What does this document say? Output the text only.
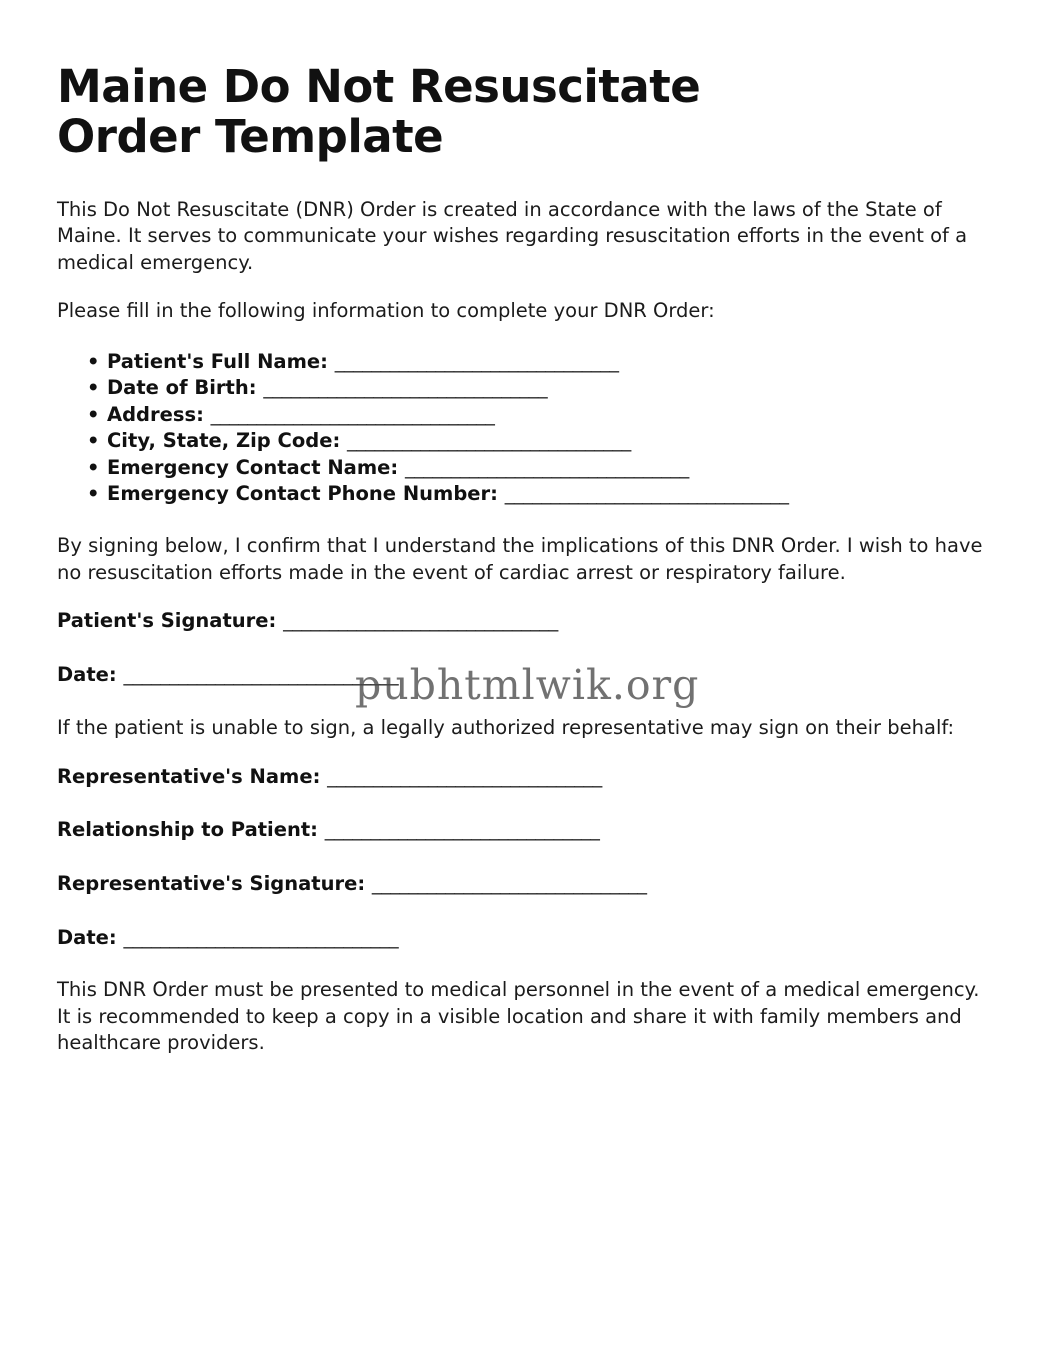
Maine Do Not Resuscitate Order Template

This Do Not Resuscitate (DNR) Order is created in accordance with the laws of the State of Maine. It serves to communicate your wishes regarding resuscitation efforts in the event of a medical emergency.

Please fill in the following information to complete your DNR Order:

• Patient's Full Name: _______________________________
• Date of Birth: _______________________________
• Address: _______________________________
• City, State, Zip Code: _______________________________
• Emergency Contact Name: _______________________________
• Emergency Contact Phone Number: _______________________________

By signing below, I confirm that I understand the implications of this DNR Order. I wish to have no resuscitation efforts made in the event of cardiac arrest or respiratory failure.

Patient's Signature: ______________________________

Date: ______________________________

If the patient is unable to sign, a legally authorized representative may sign on their behalf:

Representative's Name: ______________________________

Relationship to Patient: ______________________________

Representative's Signature: ______________________________

Date: ______________________________

This DNR Order must be presented to medical personnel in the event of a medical emergency. It is recommended to keep a copy in a visible location and share it with family members and healthcare providers.

pubhtmlwik.org
